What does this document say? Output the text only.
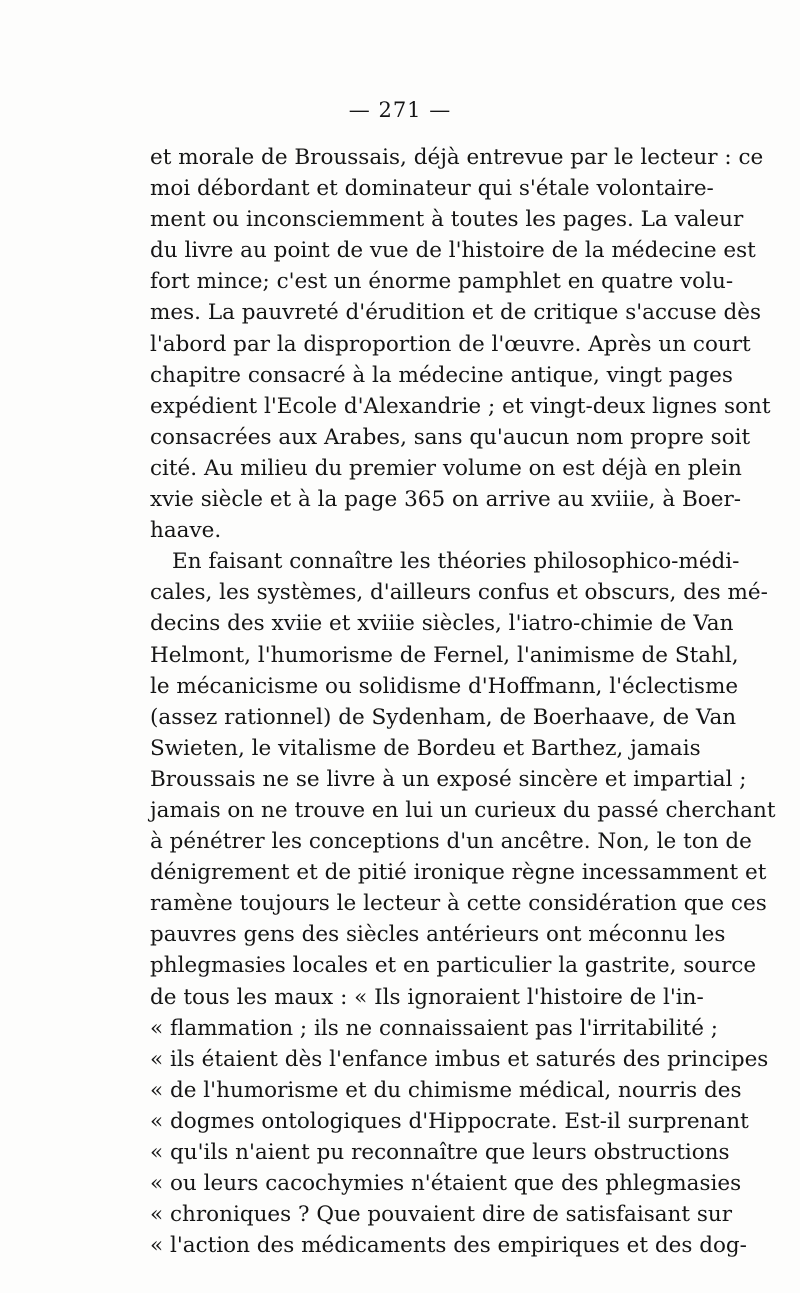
— 271 —
et morale de Broussais, déjà entrevue par le lecteur : ce
moi débordant et dominateur qui s'étale volontaire-
ment ou inconsciemment à toutes les pages. La valeur
du livre au point de vue de l'histoire de la médecine est
fort mince; c'est un énorme pamphlet en quatre volu-
mes. La pauvreté d'érudition et de critique s'accuse dès
l'abord par la disproportion de l'œuvre. Après un court
chapitre consacré à la médecine antique, vingt pages
expédient l'Ecole d'Alexandrie ; et vingt-deux lignes sont
consacrées aux Arabes, sans qu'aucun nom propre soit
cité. Au milieu du premier volume on est déjà en plein
xvie siècle et à la page 365 on arrive au xviiie, à Boer-
haave.
En faisant connaître les théories philosophico-médi-
cales, les systèmes, d'ailleurs confus et obscurs, des mé-
decins des xviie et xviiie siècles, l'iatro-chimie de Van
Helmont, l'humorisme de Fernel, l'animisme de Stahl,
le mécanicisme ou solidisme d'Hoffmann, l'éclectisme
(assez rationnel) de Sydenham, de Boerhaave, de Van
Swieten, le vitalisme de Bordeu et Barthez, jamais
Broussais ne se livre à un exposé sincère et impartial ;
jamais on ne trouve en lui un curieux du passé cherchant
à pénétrer les conceptions d'un ancêtre. Non, le ton de
dénigrement et de pitié ironique règne incessamment et
ramène toujours le lecteur à cette considération que ces
pauvres gens des siècles antérieurs ont méconnu les
phlegmasies locales et en particulier la gastrite, source
de tous les maux : « Ils ignoraient l'histoire de l'in-
« flammation ; ils ne connaissaient pas l'irritabilité ;
« ils étaient dès l'enfance imbus et saturés des principes
« de l'humorisme et du chimisme médical, nourris des
« dogmes ontologiques d'Hippocrate. Est-il surprenant
« qu'ils n'aient pu reconnaître que leurs obstructions
« ou leurs cacochymies n'étaient que des phlegmasies
« chroniques ? Que pouvaient dire de satisfaisant sur
« l'action des médicaments des empiriques et des dog-
